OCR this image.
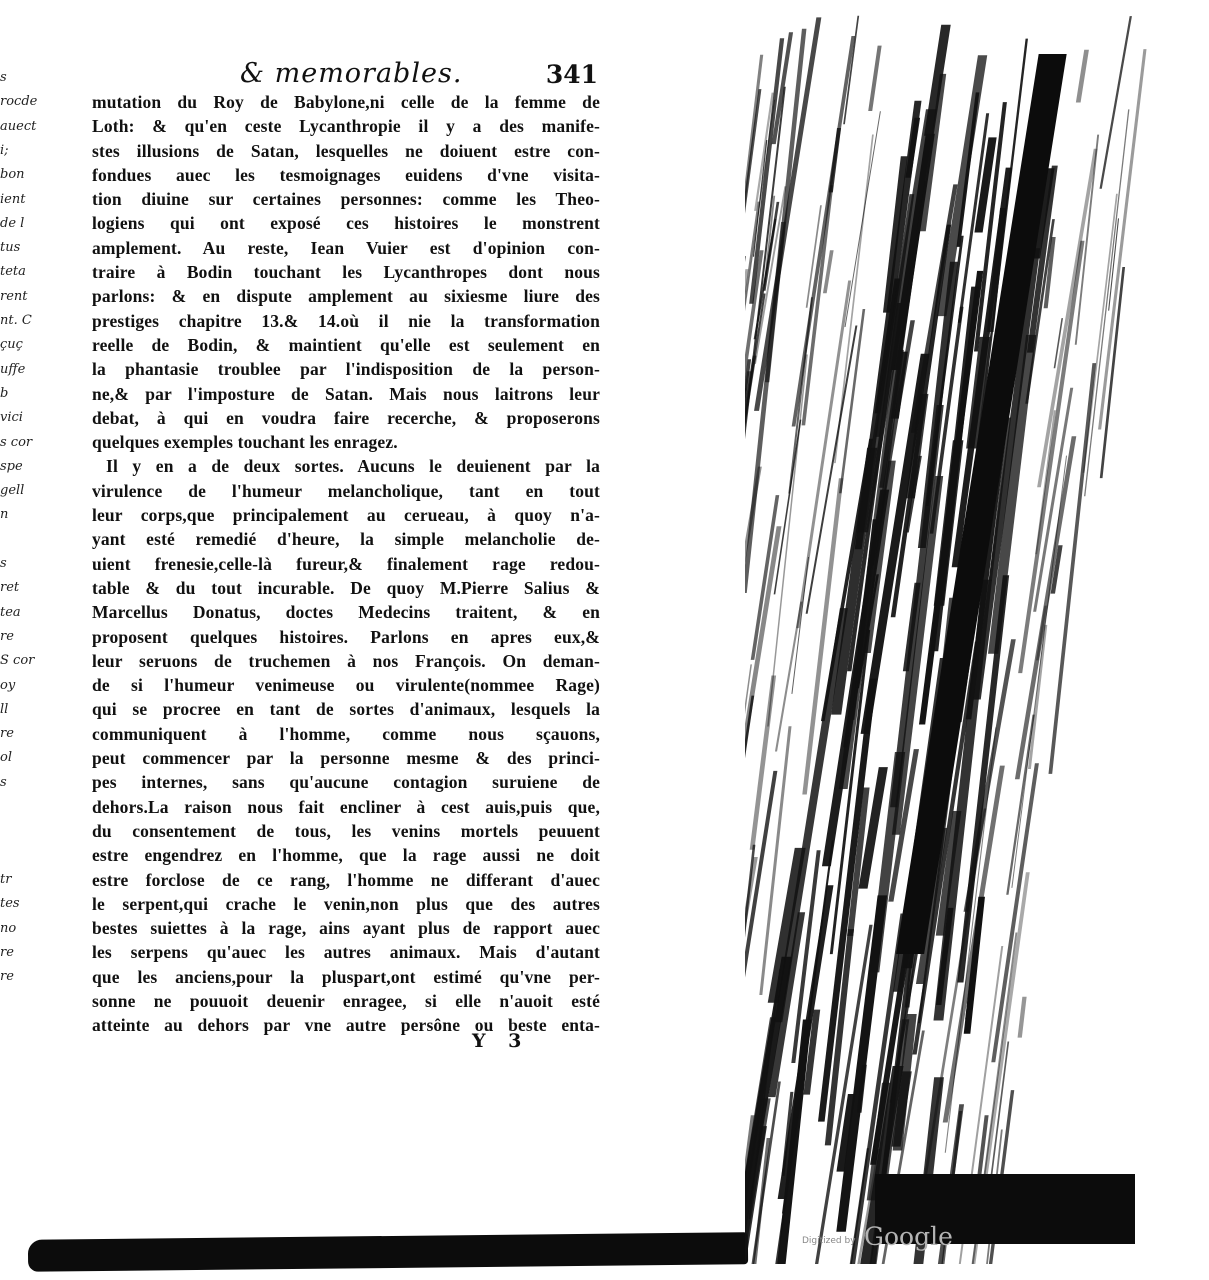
s
rocde
auect
i;
bon
ient
de l
tus
teta
rent
nt. C
çuç
uffe
b
vici
s cor
spe
gell
n
s
ret
tea
re
S cor
oy
ll
re
ol
s
tr
tes
no
re
re
& memorables.	341
mutation du Roy de Babylone,ni celle de la femme de
Loth: & qu'en ceste Lycanthropie il y a des manife-
stes illusions de Satan, lesquelles ne doiuent estre con-
fondues auec les tesmoignages euidens d'vne visita-
tion diuine sur certaines personnes: comme les Theo-
logiens qui ont exposé ces histoires le monstrent
amplement. Au reste, Iean Vuier est d'opinion con-
traire à Bodin touchant les Lycanthropes dont nous
parlons: & en dispute amplement au sixiesme liure des
prestiges chapitre 13.& 14.où il nie la transformation
reelle de Bodin, & maintient qu'elle est seulement en
la phantasie troublee par l'indisposition de la person-
ne,& par l'imposture de Satan. Mais nous laitrons leur
debat, à qui en voudra faire recerche, & proposerons
quelques exemples touchant les enragez.
Il y en a de deux sortes. Aucuns le deuienent par la
virulence de l'humeur melancholique, tant en tout
leur corps,que principalement au cerueau, à quoy n'a-
yant esté remedié d'heure, la simple melancholie de-
uient frenesie,celle-là fureur,& finalement rage redou-
table & du tout incurable. De quoy M.Pierre Salius &
Marcellus Donatus, doctes Medecins traitent, & en
proposent quelques histoires. Parlons en apres eux,&
leur seruons de truchemen à nos François. On deman-
de si l'humeur venimeuse ou virulente(nommee Rage)
qui se procree en tant de sortes d'animaux, lesquels la
communiquent à l'homme, comme nous sçauons,
peut commencer par la personne mesme & des princi-
pes internes, sans qu'aucune contagion suruiene de
dehors.La raison nous fait encliner à cest auis,puis que,
du consentement de tous, les venins mortels peuuent
estre engendrez en l'homme, que la rage aussi ne doit
estre forclose de ce rang, l'homme ne differant d'auec
le serpent,qui crache le venin,non plus que des autres
bestes suiettes à la rage, ains ayant plus de rapport auec
les serpens qu'auec les autres animaux. Mais d'autant
que les anciens,pour la pluspart,ont estimé qu'vne per-
sonne ne pouuoit deuenir enragee, si elle n'auoit esté
atteinte au dehors par vne autre persône ou beste enta-
Y 3
Digitized by Google
